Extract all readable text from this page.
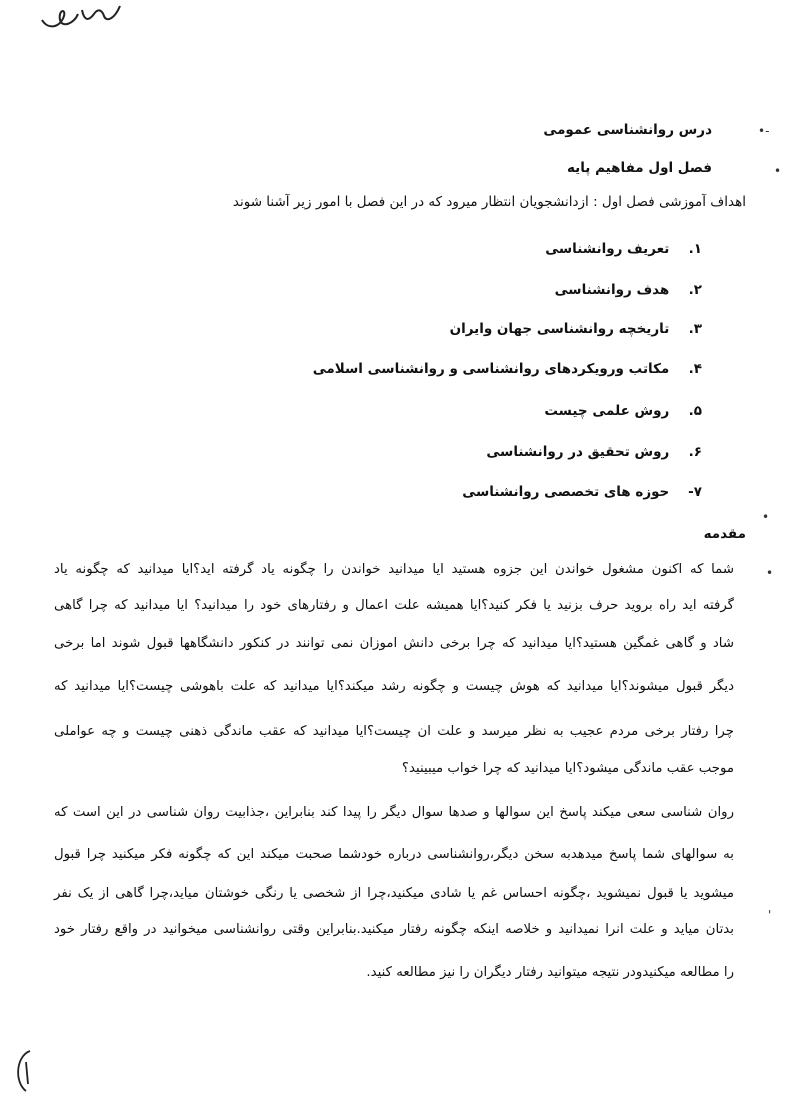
•-
•
•
•
'
درس روانشناسی عمومی
فصل اول مفاهیم پایه
اهداف آموزشی فصل اول : ازدانشجویان انتظار میرود که در این فصل با امور زیر آشنا شوند
۱. تعریف روانشناسی
۲. هدف روانشناسی
۳. تاریخچه روانشناسی جهان وایران
۴. مکاتب ورویکردهای روانشناسی و روانشناسی اسلامی
۵. روش علمی چیست
۶. روش تحقیق در روانشناسی
۷- حوزه های تخصصی روانشناسی
مقدمه
شما که اکنون مشغول خواندن این جزوه هستید ایا میدانید خواندن را چگونه یاد گرفته اید؟ایا میدانید که چگونه یاد
گرفته اید راه بروید حرف بزنید یا فکر کنید؟ایا همیشه علت اعمال و رفتارهای خود را میدانید؟ ایا میدانید که چرا گاهی
شاد و گاهی غمگین هستید؟ایا میدانید که چرا برخی دانش اموزان نمی توانند در کنکور دانشگاهها قبول شوند اما برخی
دیگر قبول میشوند؟ایا میدانید که هوش چیست و چگونه رشد میکند؟ایا میدانید که علت باهوشی چیست؟ایا میدانید که
چرا رفتار برخی مردم عجیب به نظر میرسد و علت ان چیست؟ایا میدانید که عقب ماندگی ذهنی چیست و چه عواملی
موجب عقب ماندگی میشود؟ایا میدانید که چرا خواب میبینید؟
روان شناسی سعی میکند پاسخ این سوالها و صدها سوال دیگر را پیدا کند بنابراین ،جذابیت روان شناسی در این است که
به سوالهای شما پاسخ میدهدبه سخن دیگر،روانشناسی درباره خودشما صحبت میکند این که چگونه فکر میکنید چرا قبول
میشوید یا قبول نمیشوید ،چگونه احساس غم یا شادی میکنید،چرا از شخصی یا رنگی خوشتان میاید،چرا گاهی از یک نفر
بدتان میاید و علت انرا نمیدانید و خلاصه اینکه چگونه رفتار میکنید.بنابراین وقتی روانشناسی میخوانید در واقع رفتار خود
را مطالعه میکنیدودر نتیجه میتوانید رفتار دیگران را نیز مطالعه کنید.
